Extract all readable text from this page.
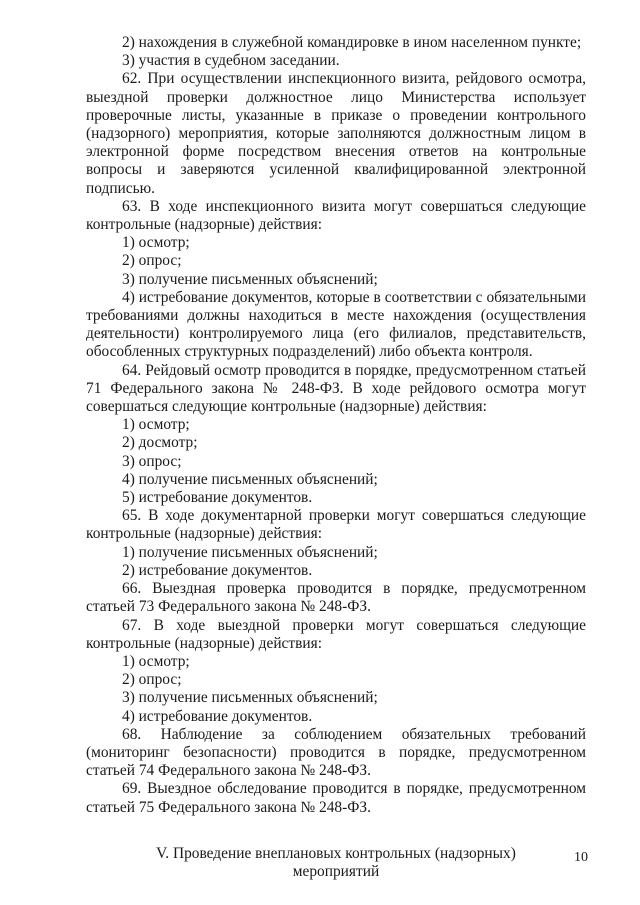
2) нахождения в служебной командировке в ином населенном пункте;

3) участия в судебном заседании.

62. При осуществлении инспекционного визита, рейдового осмотра, выездной проверки должностное лицо Министерства использует проверочные листы, указанные в приказе о проведении контрольного (надзорного) мероприятия, которые заполняются должностным лицом в электронной форме посредством внесения ответов на контрольные вопросы и заверяются усиленной квалифицированной электронной подписью.

63. В ходе инспекционного визита могут совершаться следующие контрольные (надзорные) действия:

1) осмотр;

2) опрос;

3) получение письменных объяснений;

4) истребование документов, которые в соответствии с обязательными требованиями должны находиться в месте нахождения (осуществления деятельности) контролируемого лица (его филиалов, представительств, обособленных структурных подразделений) либо объекта контроля.

64. Рейдовый осмотр проводится в порядке, предусмотренном статьей 71 Федерального закона № 248-ФЗ. В ходе рейдового осмотра могут совершаться следующие контрольные (надзорные) действия:

1) осмотр;

2) досмотр;

3) опрос;

4) получение письменных объяснений;

5) истребование документов.

65. В ходе документарной проверки могут совершаться следующие контрольные (надзорные) действия:

1) получение письменных объяснений;

2) истребование документов.

66. Выездная проверка проводится в порядке, предусмотренном статьей 73 Федерального закона № 248-ФЗ.

67. В ходе выездной проверки могут совершаться следующие контрольные (надзорные) действия:

1) осмотр;

2) опрос;

3) получение письменных объяснений;

4) истребование документов.

68. Наблюдение за соблюдением обязательных требований (мониторинг безопасности) проводится в порядке, предусмотренном статьей 74 Федерального закона № 248-ФЗ.

69. Выездное обследование проводится в порядке, предусмотренном статьей 75 Федерального закона № 248-ФЗ.

V. Проведение внеплановых контрольных (надзорных)
мероприятий
10
